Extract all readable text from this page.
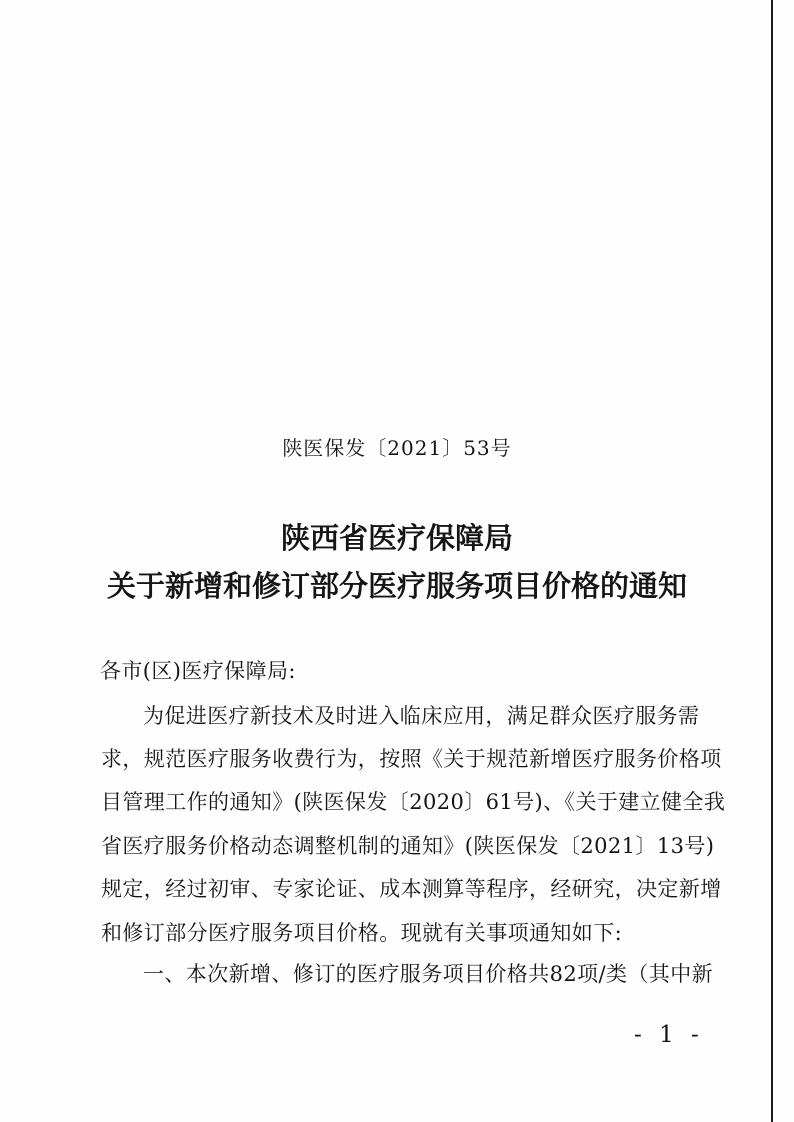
陕医保发〔2021〕53号
陕西省医疗保障局
关于新增和修订部分医疗服务项目价格的通知
各市(区)医疗保障局:
为促进医疗新技术及时进入临床应用，满足群众医疗服务需
求，规范医疗服务收费行为，按照《关于规范新增医疗服务价格项
目管理工作的通知》(陕医保发〔2020〕61号)、《关于建立健全我
省医疗服务价格动态调整机制的通知》(陕医保发〔2021〕13号)
规定，经过初审、专家论证、成本测算等程序，经研究，决定新增
和修订部分医疗服务项目价格。现就有关事项通知如下:
一、本次新增、修订的医疗服务项目价格共82项/类（其中新
- 1 -
